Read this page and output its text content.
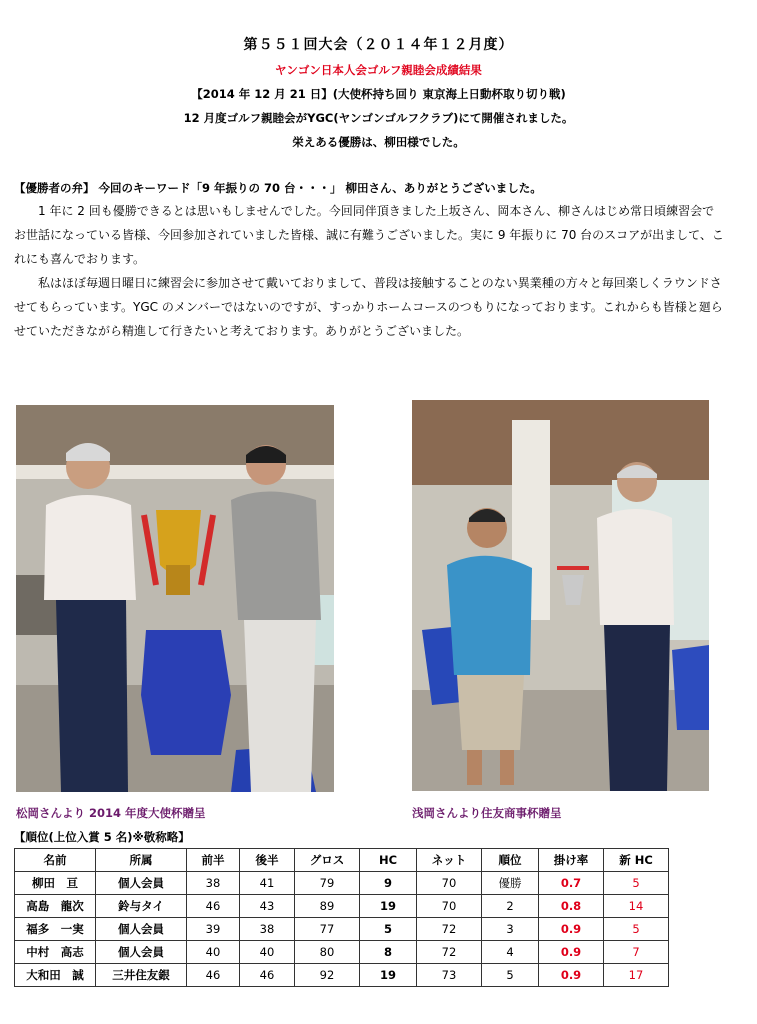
第５５１回大会（２０１４年１２月度）
ヤンゴン日本人会ゴルフ親睦会成績結果
【2014 年 12 月 21 日】(大使杯持ち回り 東京海上日動杯取り切り戦)
12 月度ゴルフ親睦会がYGC(ヤンゴンゴルフクラブ)にて開催されました。
栄えある優勝は、柳田様でした。
【優勝者の弁】 今回のキーワード「9 年振りの 70 台・・・」 柳田さん、ありがとうございました。

1 年に 2 回も優勝できるとは思いもしませんでした。今回同伴頂きました上坂さん、岡本さん、柳さんはじめ常日頃練習会でお世話になっている皆様、今回参加されていました皆様、誠に有難うございました。実に 9 年振りに 70 台のスコアが出まして、これにも喜んでおります。

私はほぼ毎週日曜日に練習会に参加させて戴いておりまして、普段は接触することのない異業種の方々と毎回楽しくラウンドさせてもらっています。YGC のメンバーではないのですが、すっかりホームコースのつもりになっております。これからも皆様と廻らせていただきながら精進して行きたいと考えております。ありがとうございました。

松岡さんより 2014 年度大使杯贈呈	浅岡さんより住友商事杯贈呈
【順位(上位入賞 5 名)※敬称略】
名前	所属	前半	後半	グロス	HC	ネット	順位	掛け率	新 HC
柳田　亘	個人会員	38	41	79	9	70	優勝	0.7	5
高島　龍次	鈴与タイ	46	43	89	19	70	2	0.8	14
福多　一実	個人会員	39	38	77	5	72	3	0.9	5
中村　高志	個人会員	40	40	80	8	72	4	0.9	7
大和田　誠	三井住友銀	46	46	92	19	73	5	0.9	17
